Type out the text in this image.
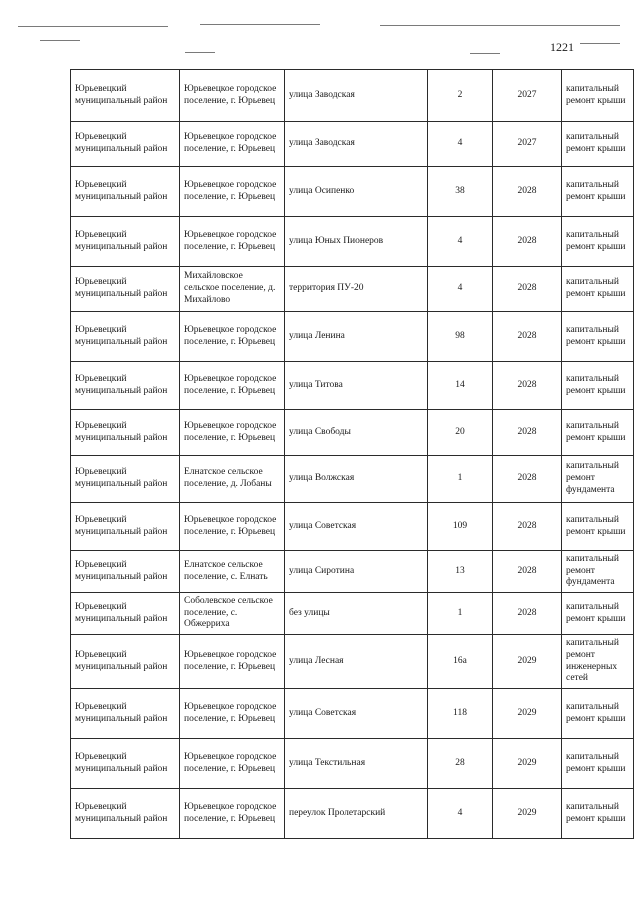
1221
Юрьевецкий муниципальный район	Юрьевецкое городское поселение, г. Юрьевец	улица Заводская	2	2027	капитальный ремонт крыши
Юрьевецкий муниципальный район	Юрьевецкое городское поселение, г. Юрьевец	улица Заводская	4	2027	капитальный ремонт крыши
Юрьевецкий муниципальный район	Юрьевецкое городское поселение, г. Юрьевец	улица Осипенко	38	2028	капитальный ремонт крыши
Юрьевецкий муниципальный район	Юрьевецкое городское поселение, г. Юрьевец	улица Юных Пионеров	4	2028	капитальный ремонт крыши
Юрьевецкий муниципальный район	Михайловское сельское поселение, д. Михайлово	территория ПУ-20	4	2028	капитальный ремонт крыши
Юрьевецкий муниципальный район	Юрьевецкое городское поселение, г. Юрьевец	улица Ленина	98	2028	капитальный ремонт крыши
Юрьевецкий муниципальный район	Юрьевецкое городское поселение, г. Юрьевец	улица Титова	14	2028	капитальный ремонт крыши
Юрьевецкий муниципальный район	Юрьевецкое городское поселение, г. Юрьевец	улица Свободы	20	2028	капитальный ремонт крыши
Юрьевецкий муниципальный район	Елнатское сельское поселение, д. Лобаны	улица Волжская	1	2028	капитальный ремонт фундамента
Юрьевецкий муниципальный район	Юрьевецкое городское поселение, г. Юрьевец	улица Советская	109	2028	капитальный ремонт крыши
Юрьевецкий муниципальный район	Елнатское сельское поселение, с. Елнать	улица Сиротина	13	2028	капитальный ремонт фундамента
Юрьевецкий муниципальный район	Соболевское сельское поселение, с. Обжерриха	без улицы	1	2028	капитальный ремонт крыши
Юрьевецкий муниципальный район	Юрьевецкое городское поселение, г. Юрьевец	улица Лесная	16а	2029	капитальный ремонт инженерных сетей
Юрьевецкий муниципальный район	Юрьевецкое городское поселение, г. Юрьевец	улица Советская	118	2029	капитальный ремонт крыши
Юрьевецкий муниципальный район	Юрьевецкое городское поселение, г. Юрьевец	улица Текстильная	28	2029	капитальный ремонт крыши
Юрьевецкий муниципальный район	Юрьевецкое городское поселение, г. Юрьевец	переулок Пролетарский	4	2029	капитальный ремонт крыши
